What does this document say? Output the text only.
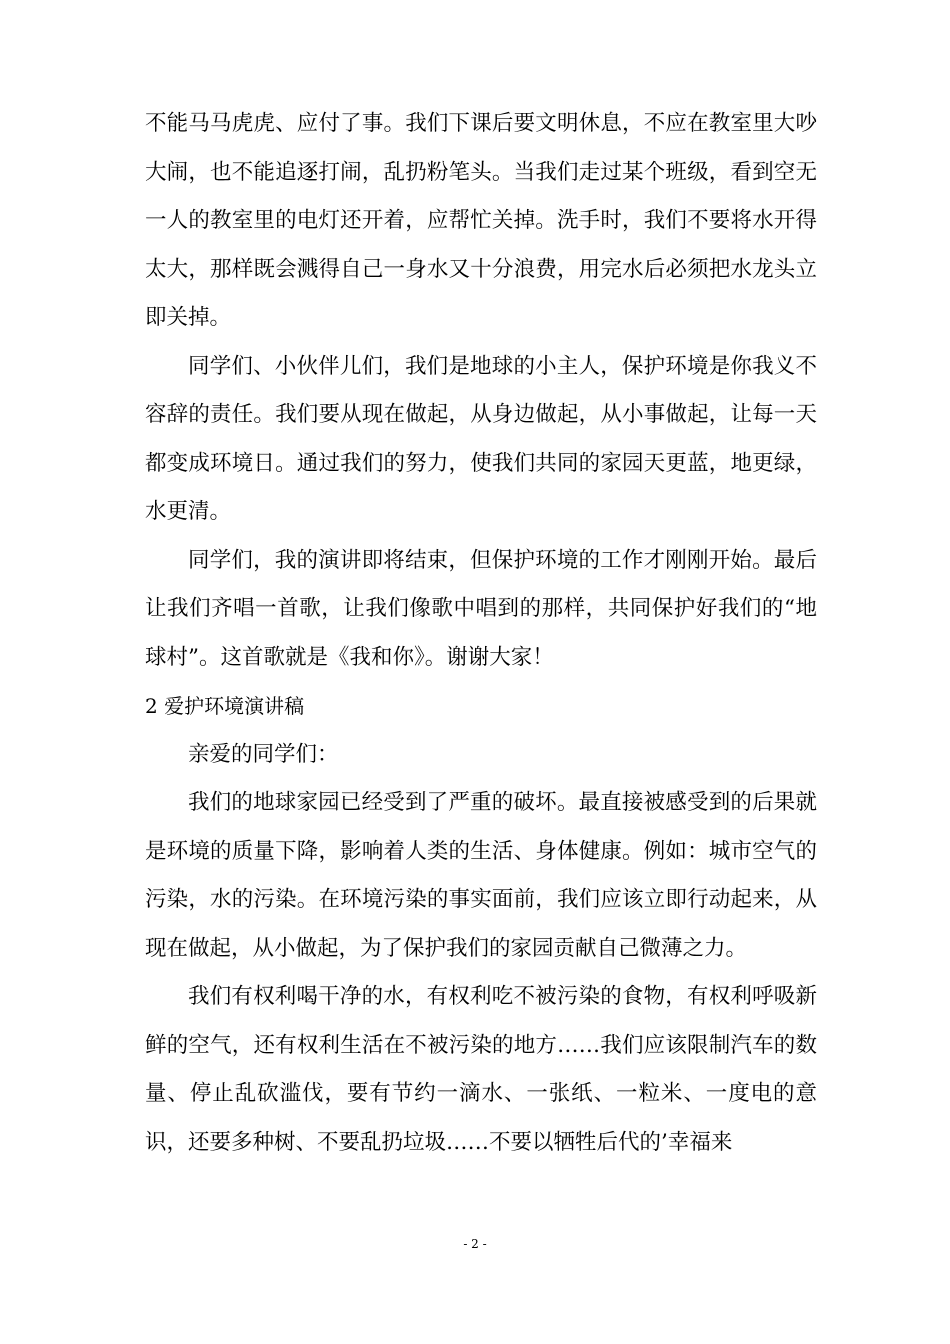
不能马马虎虎、应付了事。我们下课后要文明休息，不应在教室里大吵大闹，也不能追逐打闹，乱扔粉笔头。当我们走过某个班级，看到空无一人的教室里的电灯还开着，应帮忙关掉。洗手时，我们不要将水开得太大，那样既会溅得自己一身水又十分浪费，用完水后必须把水龙头立即关掉。

同学们、小伙伴儿们，我们是地球的小主人，保护环境是你我义不容辞的责任。我们要从现在做起，从身边做起，从小事做起，让每一天都变成环境日。通过我们的努力，使我们共同的家园天更蓝，地更绿，水更清。

同学们，我的演讲即将结束，但保护环境的工作才刚刚开始。最后让我们齐唱一首歌，让我们像歌中唱到的那样，共同保护好我们的“地球村”。这首歌就是《我和你》。谢谢大家！

2 爱护环境演讲稿

亲爱的同学们：

我们的地球家园已经受到了严重的破坏。最直接被感受到的后果就是环境的质量下降，影响着人类的生活、身体健康。例如：城市空气的污染，水的污染。在环境污染的事实面前，我们应该立即行动起来，从现在做起，从小做起，为了保护我们的家园贡献自己微薄之力。

我们有权利喝干净的水，有权利吃不被污染的食物，有权利呼吸新鲜的空气，还有权利生活在不被污染的地方……我们应该限制汽车的数量、停止乱砍滥伐，要有节约一滴水、一张纸、一粒米、一度电的意识，还要多种树、不要乱扔垃圾……不要以牺牲后代的’幸福来

- 2 -
